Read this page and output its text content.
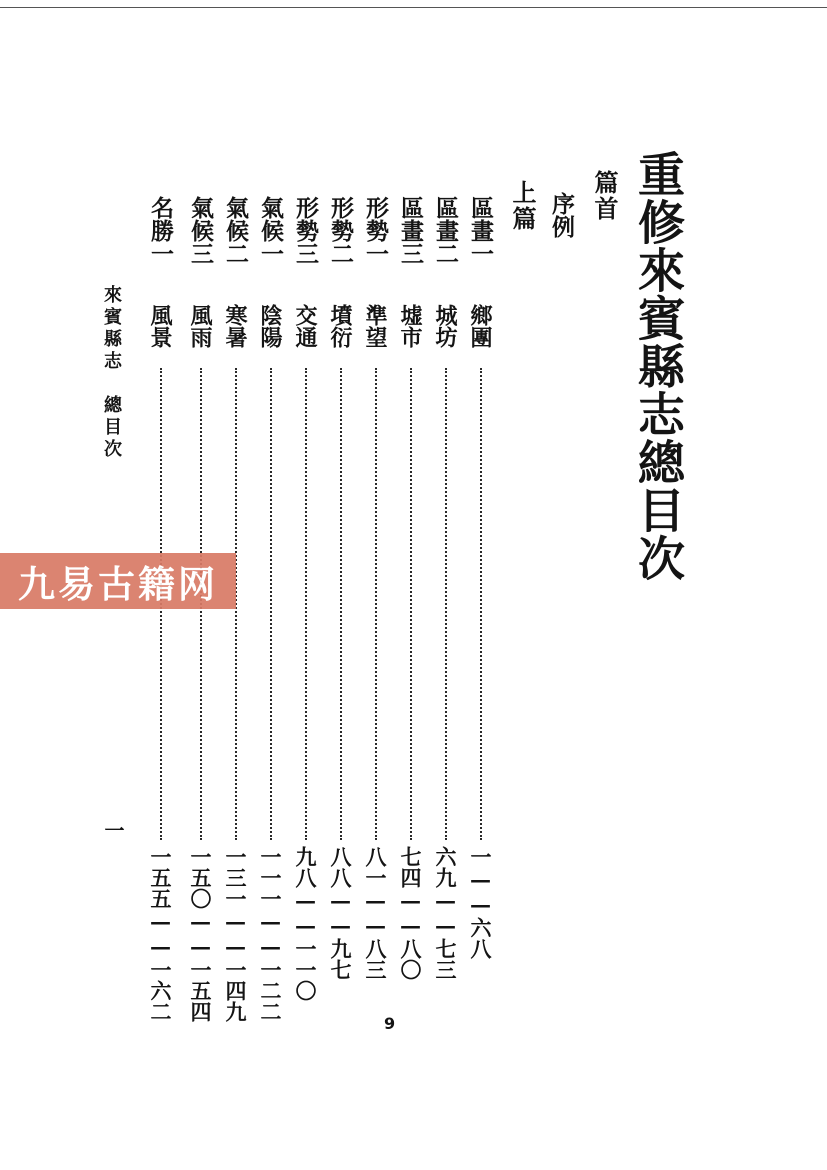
重修來賓縣志總目次
篇首
序例
上篇
區畫一
鄉團
一——六八
區畫二
城坊
六九——七三
區畫三
墟市
七四——八〇
形勢一
準望
八一——八三
形勢二
墳衍
八八——九七
形勢三
交通
九八——一一〇
氣候一
陰陽
一一一——一二二
氣候二
寒暑
一三一——一四九
氣候三
風雨
一五〇——一五四
名勝一
風景
一五五——一六二
來賓縣志　總目次
一
9
九易古籍网
